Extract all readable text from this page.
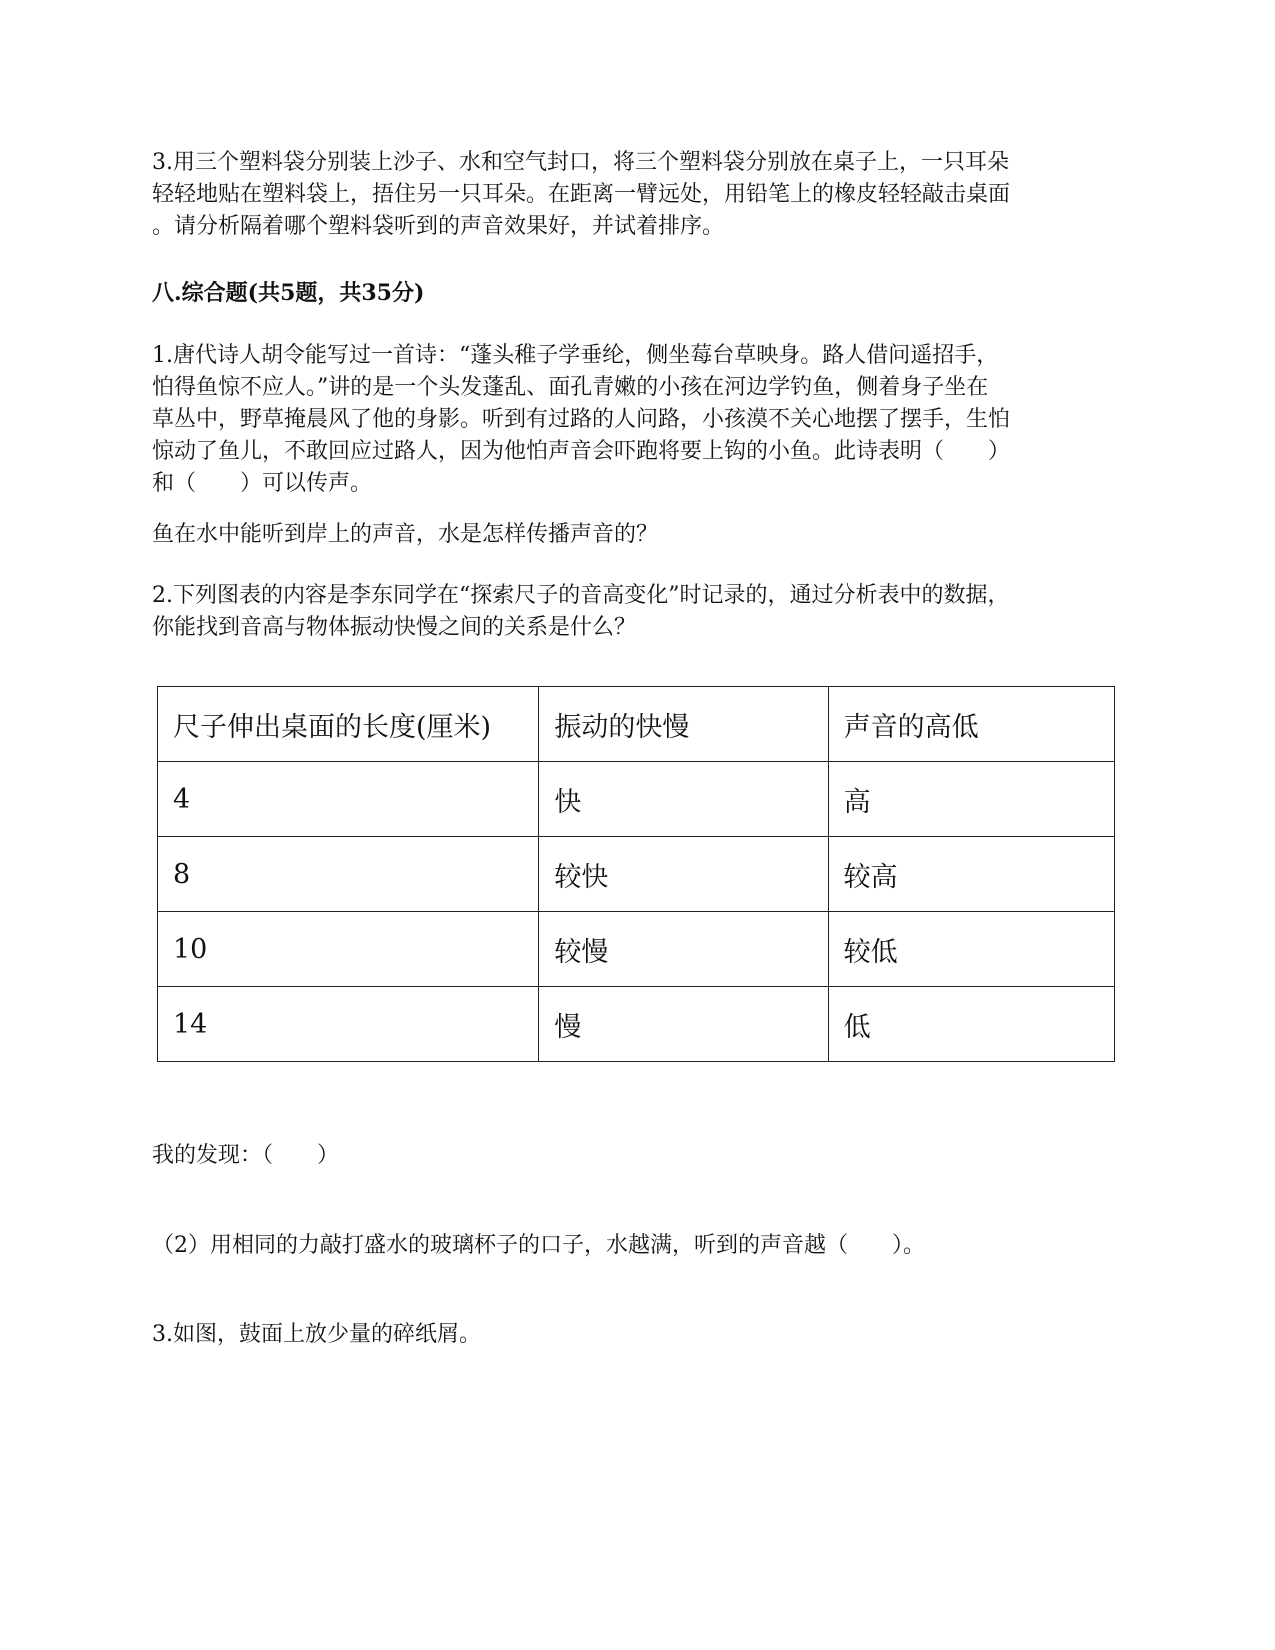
3.用三个塑料袋分别装上沙子、水和空气封口，将三个塑料袋分别放在桌子上，一只耳朵
轻轻地贴在塑料袋上，捂住另一只耳朵。在距离一臂远处，用铅笔上的橡皮轻轻敲击桌面
。请分析隔着哪个塑料袋听到的声音效果好，并试着排序。
八.综合题(共5题，共35分)
1.唐代诗人胡令能写过一首诗：“蓬头稚子学垂纶，侧坐莓台草映身。路人借问遥招手，
怕得鱼惊不应人。”讲的是一个头发蓬乱、面孔青嫩的小孩在河边学钓鱼，侧着身子坐在
草丛中，野草掩晨风了他的身影。听到有过路的人问路，小孩漠不关心地摆了摆手，生怕
惊动了鱼儿，不敢回应过路人，因为他怕声音会吓跑将要上钩的小鱼。此诗表明（　　）
和（　　）可以传声。
鱼在水中能听到岸上的声音，水是怎样传播声音的？
2.下列图表的内容是李东同学在“探索尺子的音高变化”时记录的，通过分析表中的数据，
你能找到音高与物体振动快慢之间的关系是什么？
尺子伸出桌面的长度(厘米)	振动的快慢	声音的高低
4	快	高
8	较快	较高
10	较慢	较低
14	慢	低
我的发现：（　　）
（2）用相同的力敲打盛水的玻璃杯子的口子，水越满，听到的声音越（　　）。
3.如图，鼓面上放少量的碎纸屑。
